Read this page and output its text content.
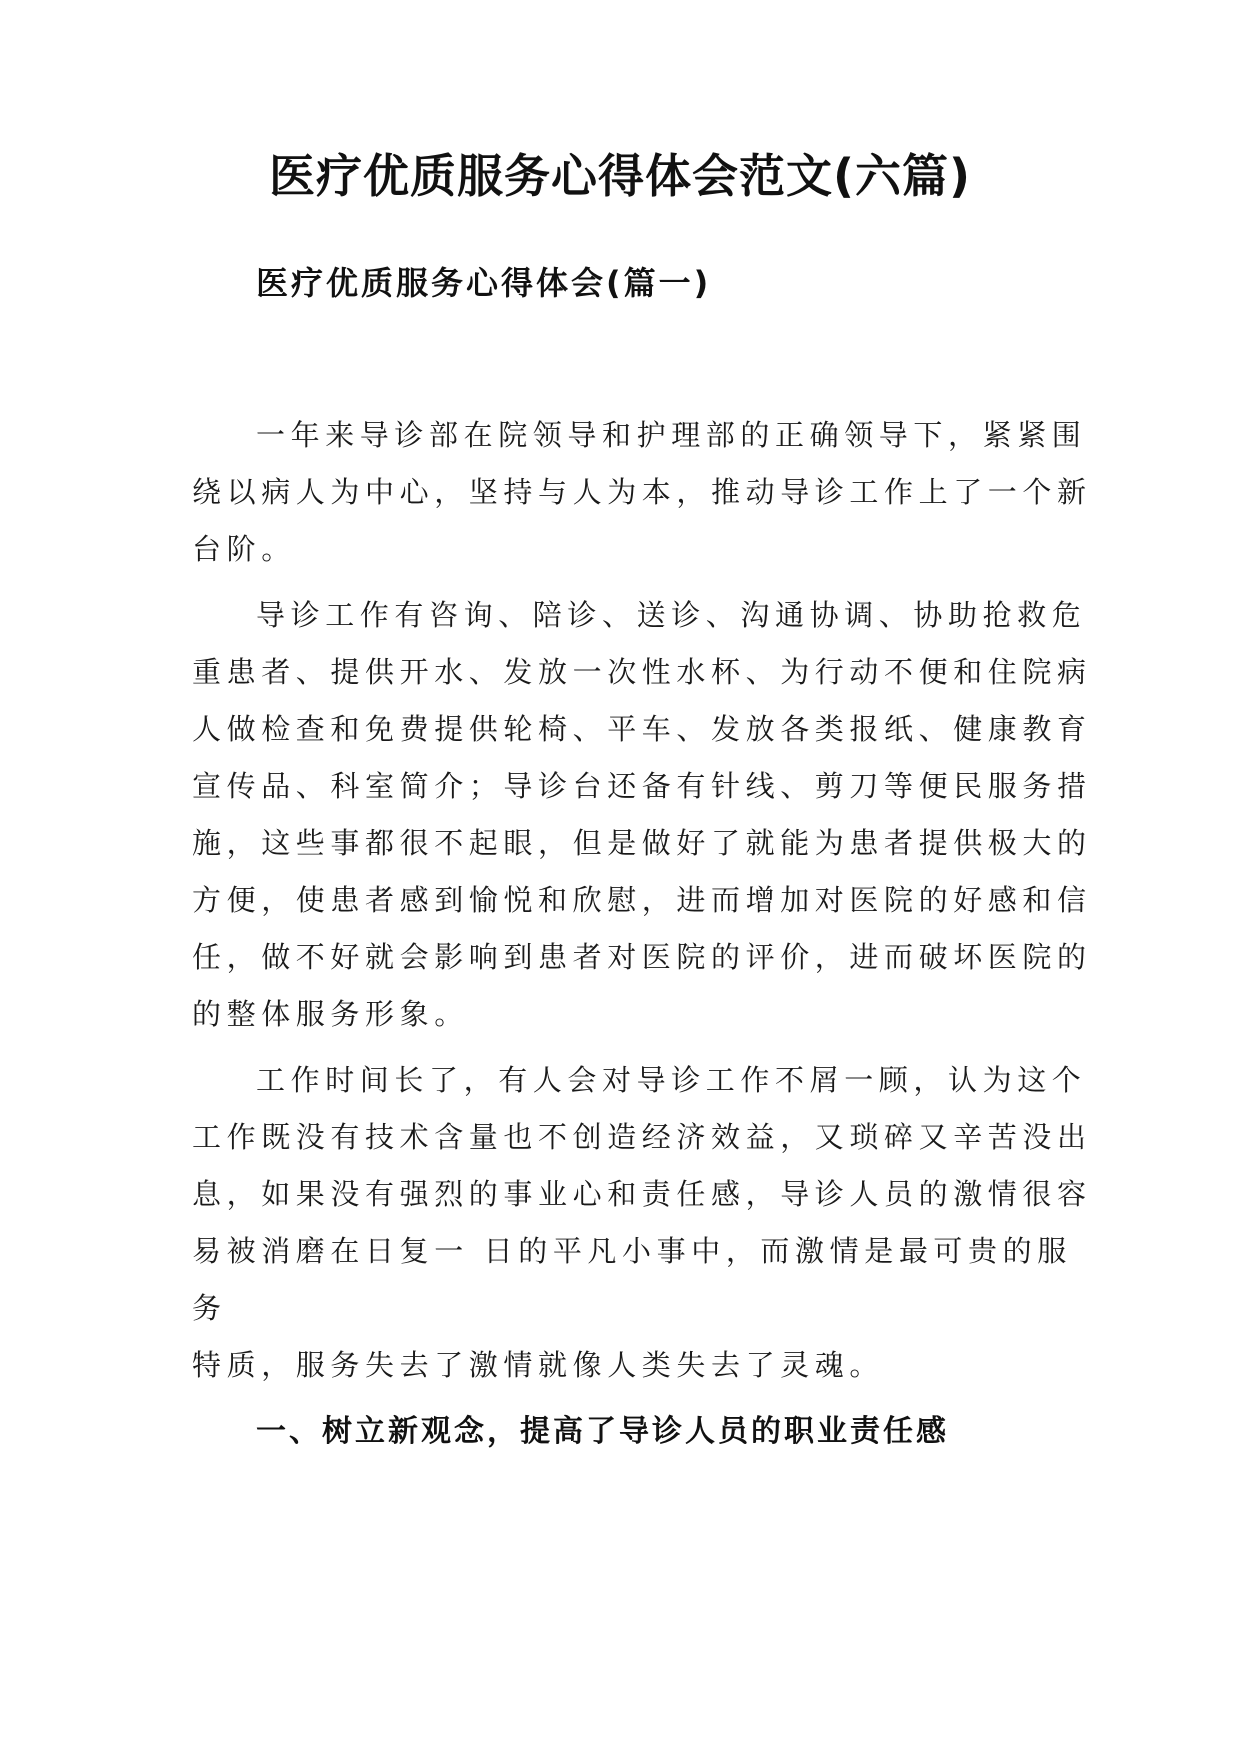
医疗优质服务心得体会范文(六篇)
医疗优质服务心得体会(篇一)

一年来导诊部在院领导和护理部的正确领导下，紧紧围
绕以病人为中心，坚持与人为本，推动导诊工作上了一个新
台阶。

导诊工作有咨询、陪诊、送诊、沟通协调、协助抢救危
重患者、提供开水、发放一次性水杯、为行动不便和住院病
人做检查和免费提供轮椅、平车、发放各类报纸、健康教育
宣传品、科室简介；导诊台还备有针线、剪刀等便民服务措
施，这些事都很不起眼，但是做好了就能为患者提供极大的
方便，使患者感到愉悦和欣慰，进而增加对医院的好感和信
任，做不好就会影响到患者对医院的评价，进而破坏医院的
的整体服务形象。

工作时间长了，有人会对导诊工作不屑一顾，认为这个
工作既没有技术含量也不创造经济效益，又琐碎又辛苦没出
息，如果没有强烈的事业心和责任感，导诊人员的激情很容
易被消磨在日复一 日的平凡小事中，而激情是最可贵的服
务
特质，服务失去了激情就像人类失去了灵魂。

一、树立新观念，提高了导诊人员的职业责任感
